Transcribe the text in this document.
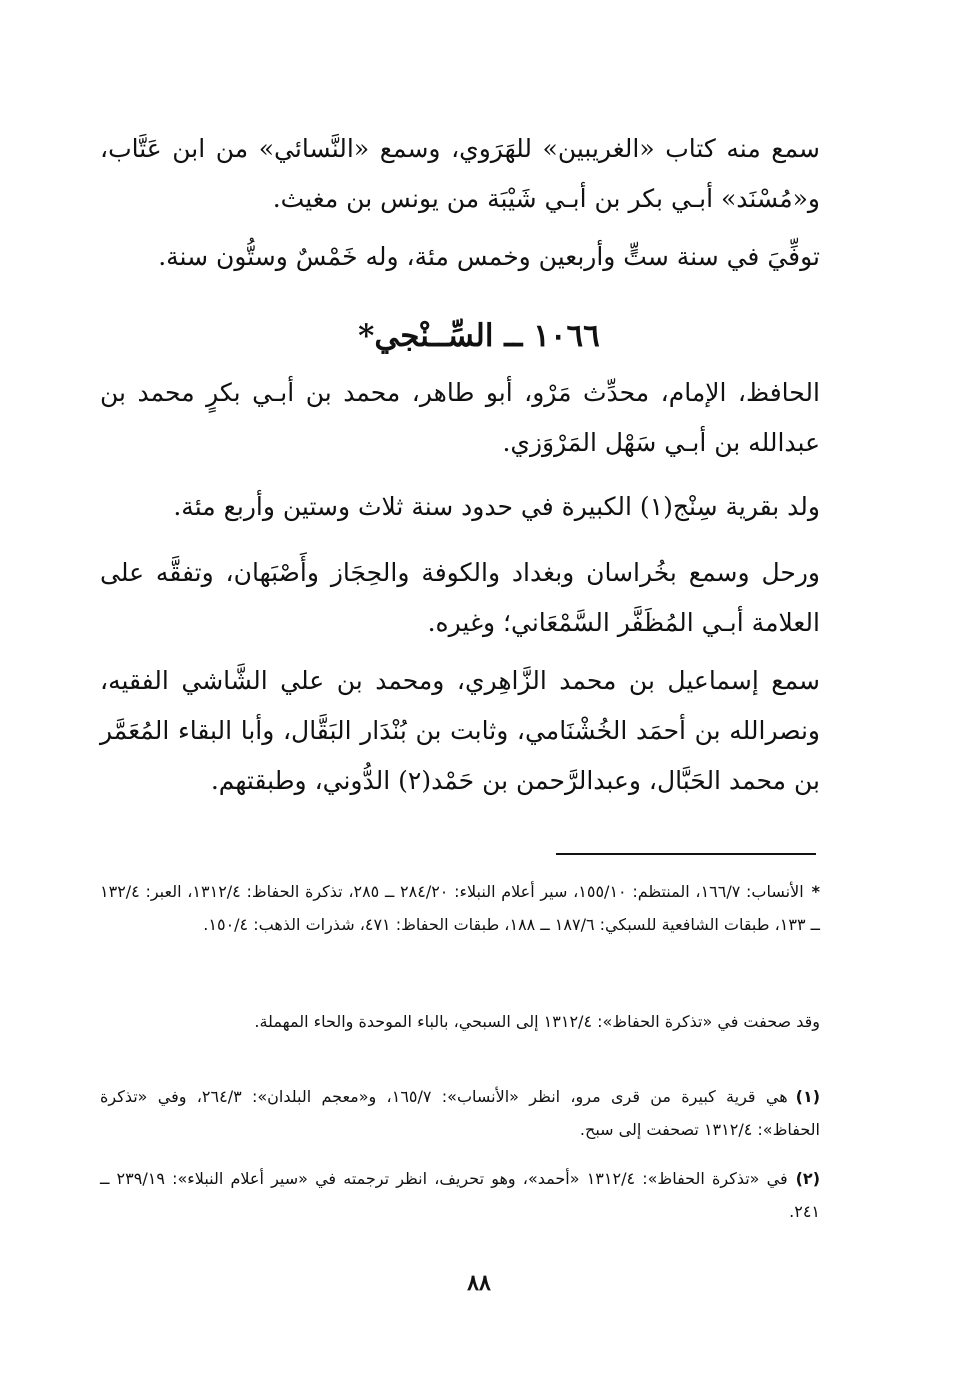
سمع منه كتاب «الغريبين» للهَرَوي، وسمع «النَّسائي» من ابن عَتَّاب، و«مُسْنَد» أبـي بكر بن أبـي شَيْبَة من يونس بن مغيث.

توفِّيَ في سنة ستٍّ وأربعين وخمس مئة، وله خَمْسٌ وستُّون سنة.

١٠٦٦ ــ السِّــنْجي*

الحافظ، الإمام، محدِّث مَرْو، أبو طاهر، محمد بن أبـي بكرٍ محمد بن عبدالله بن أبـي سَهْل المَرْوَزي.

ولد بقرية سِنْج(١) الكبيرة في حدود سنة ثلاث وستين وأربع مئة.

ورحل وسمع بخُراسان وبغداد والكوفة والحِجَاز وأَصْبَهان، وتفقَّه على العلامة أبـي المُظَفَّر السَّمْعَاني؛ وغيره.

سمع إسماعيل بن محمد الزَّاهِري، ومحمد بن علي الشَّاشي الفقيه، ونصرالله بن أحمَد الخُشْنَامي، وثابت بن بُنْدَار البَقَّال، وأبا البقاء المُعَمَّر بن محمد الحَبَّال، وعبدالرَّحمن بن حَمْد(٢) الدُّوني، وطبقتهم.

*الأنساب: ١٦٦/٧، المنتظم: ١٥٥/١٠، سير أعلام النبلاء: ٢٨٤/٢٠ ــ ٢٨٥، تذكرة الحفاظ: ١٣١٢/٤، العبر: ١٣٢/٤ ــ ١٣٣، طبقات الشافعية للسبكي: ١٨٧/٦ ــ ١٨٨، طبقات الحفاظ: ٤٧١، شذرات الذهب: ١٥٠/٤.

وقد صحفت في «تذكرة الحفاظ»: ١٣١٢/٤ إلى السبحي، بالباء الموحدة والحاء المهملة.

(١)هي قرية كبيرة من قرى مرو، انظر «الأنساب»: ١٦٥/٧، و«معجم البلدان»: ٢٦٤/٣، وفي «تذكرة الحفاظ»: ١٣١٢/٤ تصحفت إلى سبح.

(٢)في «تذكرة الحفاظ»: ١٣١٢/٤ «أحمد»، وهو تحريف، انظر ترجمته في «سير أعلام النبلاء»: ٢٣٩/١٩ ــ ٢٤١.

٨٨
